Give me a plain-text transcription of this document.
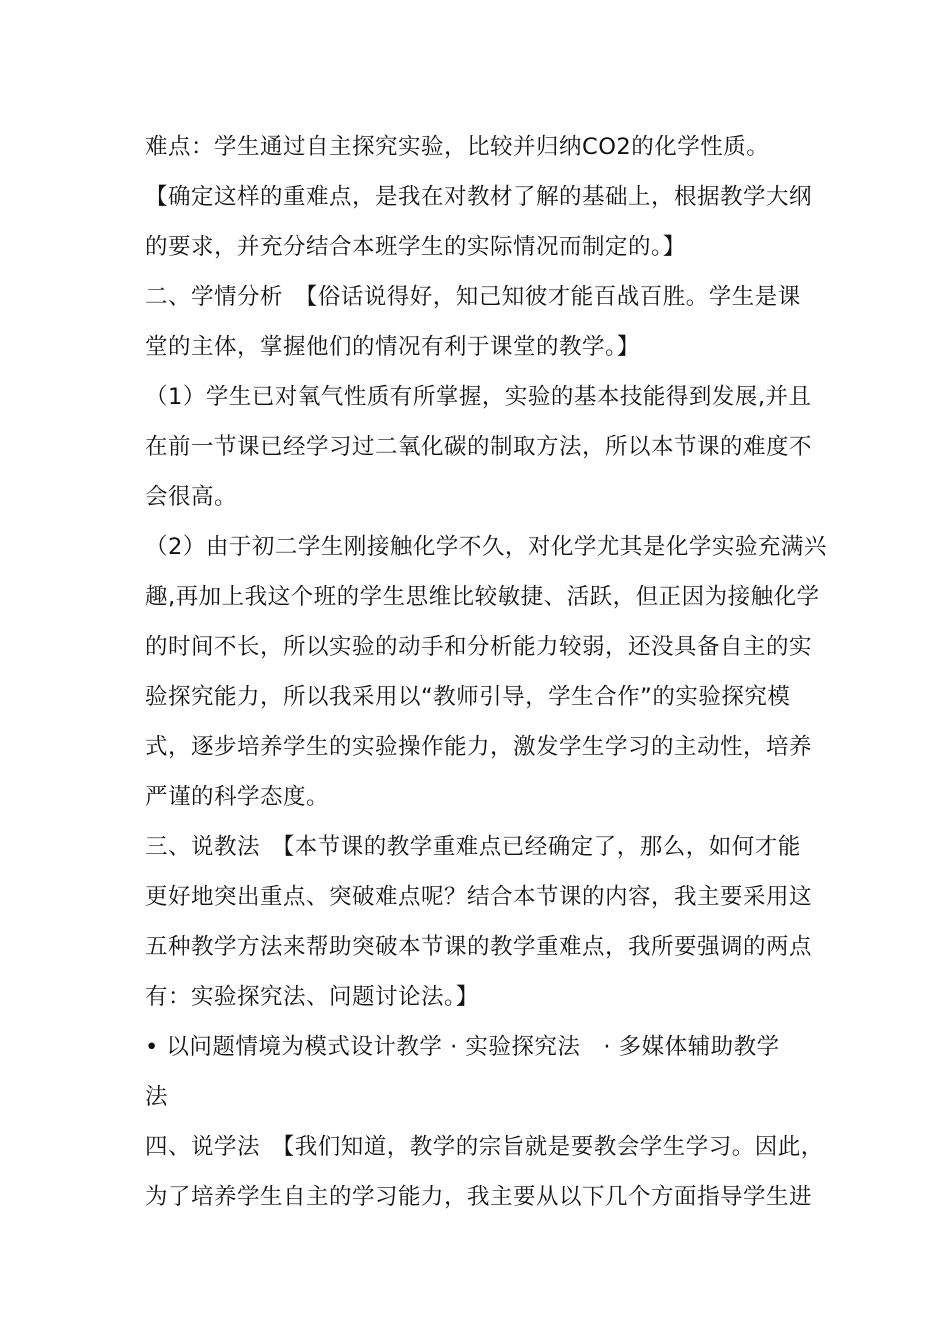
难点：学生通过自主探究实验，比较并归纳CO2的化学性质。
【确定这样的重难点，是我在对教材了解的基础上，根据教学大纲
的要求，并充分结合本班学生的实际情况而制定的。】
二、学情分析　【俗话说得好，知己知彼才能百战百胜。学生是课
堂的主体，掌握他们的情况有利于课堂的教学。】
（1）学生已对氧气性质有所掌握，实验的基本技能得到发展,并且
在前一节课已经学习过二氧化碳的制取方法，所以本节课的难度不
会很高。
（2）由于初二学生刚接触化学不久，对化学尤其是化学实验充满兴
趣,再加上我这个班的学生思维比较敏捷、活跃，但正因为接触化学
的时间不长，所以实验的动手和分析能力较弱，还没具备自主的实
验探究能力，所以我采用以“教师引导，学生合作”的实验探究模
式，逐步培养学生的实验操作能力，激发学生学习的主动性，培养
严谨的科学态度。
三、说教法　【本节课的教学重难点已经确定了，那么，如何才能
更好地突出重点、突破难点呢？结合本节课的内容，我主要采用这
五种教学方法来帮助突破本节课的教学重难点，我所要强调的两点
有：实验探究法、问题讨论法。】
• 以问题情境为模式设计教学 · 实验探究法　· 多媒体辅助教学
法
四、说学法　【我们知道，教学的宗旨就是要教会学生学习。因此，
为了培养学生自主的学习能力，我主要从以下几个方面指导学生进
